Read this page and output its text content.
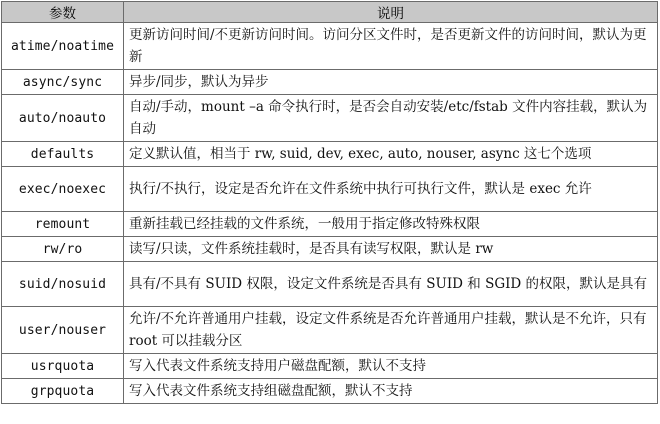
参数	说明
atime/noatime	更新访问时间/不更新访问时间。访问分区文件时，是否更新文件的访问时间，默认为更新
async/sync	异步/同步，默认为异步
auto/noauto	自动/手动，mount –a 命令执行时，是否会自动安装/etc/fstab 文件内容挂载，默认为自动
defaults	定义默认值，相当于 rw, suid, dev, exec, auto, nouser, async 这七个选项
exec/noexec	执行/不执行，设定是否允许在文件系统中执行可执行文件，默认是 exec 允许
remount	重新挂载已经挂载的文件系统，一般用于指定修改特殊权限
rw/ro	读写/只读，文件系统挂载时，是否具有读写权限，默认是 rw
suid/nosuid	具有/不具有 SUID 权限，设定文件系统是否具有 SUID 和 SGID 的权限，默认是具有
user/nouser	允许/不允许普通用户挂载，设定文件系统是否允许普通用户挂载，默认是不允许，只有 root 可以挂载分区
usrquota	写入代表文件系统支持用户磁盘配额，默认不支持
grpquota	写入代表文件系统支持组磁盘配额，默认不支持
